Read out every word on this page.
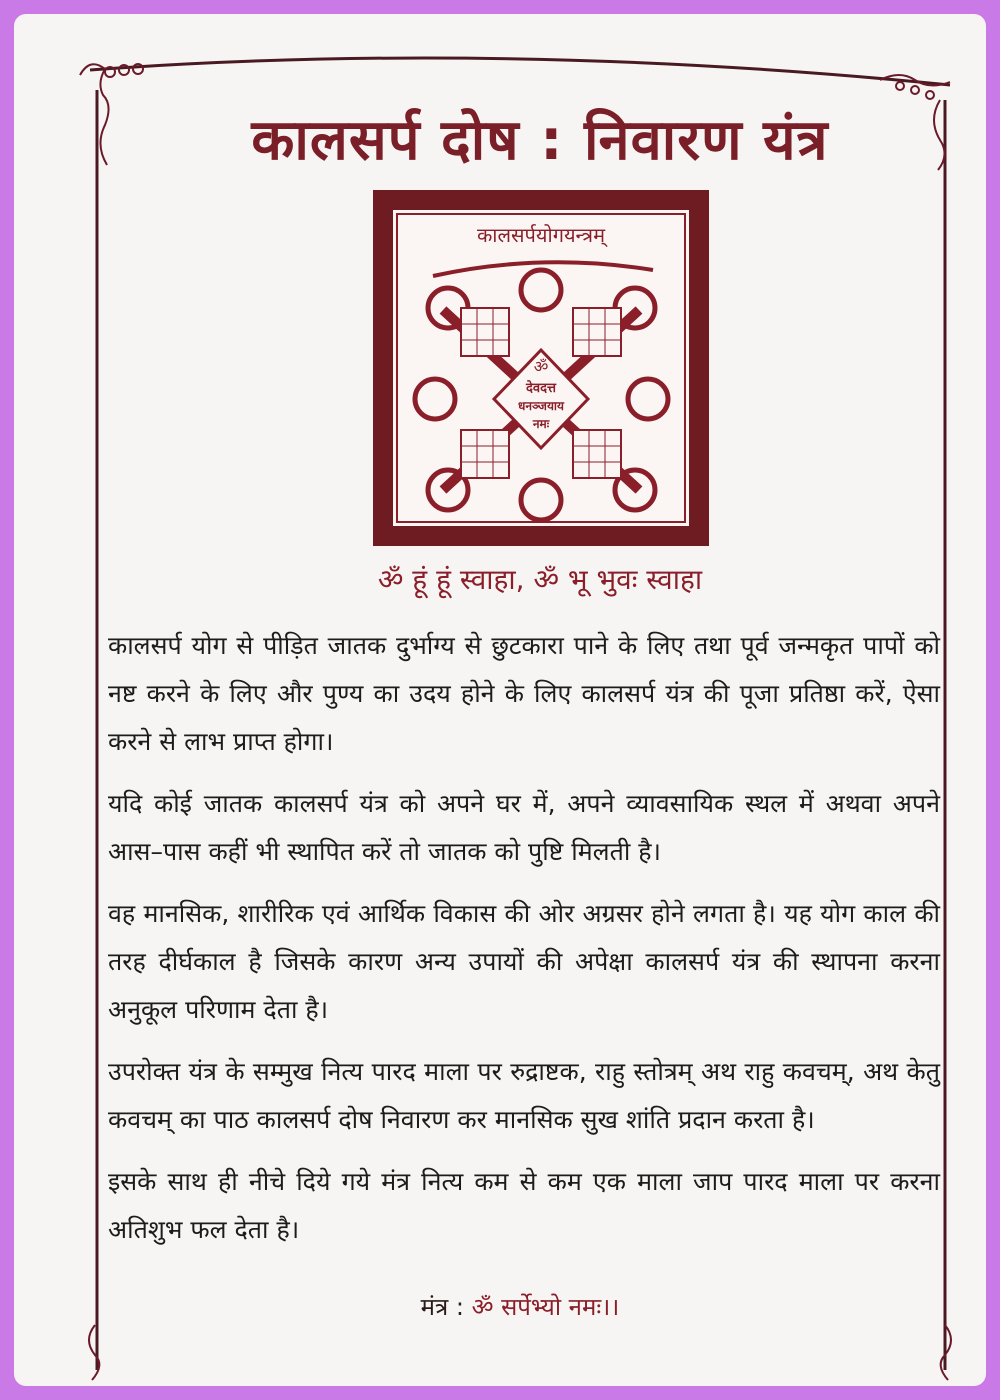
कालसर्प दोष : निवारण यंत्र
कालसर्पयोगयन्त्रम्
ॐ
देवदत्त
धनञ्जयाय
नमः
ॐ हूं हूं स्वाहा, ॐ भू भुवः स्वाहा

कालसर्प योग से पीड़ित जातक दुर्भाग्य से छुटकारा पाने के लिए तथा पूर्व जन्मकृत पापों को नष्ट करने के लिए और पुण्य का उदय होने के लिए कालसर्प यंत्र की पूजा प्रतिष्ठा करें, ऐसा करने से लाभ प्राप्त होगा।

यदि कोई जातक कालसर्प यंत्र को अपने घर में, अपने व्यावसायिक स्थल में अथवा अपने आस–पास कहीं भी स्थापित करें तो जातक को पुष्टि मिलती है।

वह मानसिक, शारीरिक एवं आर्थिक विकास की ओर अग्रसर होने लगता है। यह योग काल की तरह दीर्घकाल है जिसके कारण अन्य उपायों की अपेक्षा कालसर्प यंत्र की स्थापना करना अनुकूल परिणाम देता है।

उपरोक्त यंत्र के सम्मुख नित्य पारद माला पर रुद्राष्टक, राहु स्तोत्रम् अथ राहु कवचम्, अथ केतु कवचम् का पाठ कालसर्प दोष निवारण कर मानसिक सुख शांति प्रदान करता है।

इसके साथ ही नीचे दिये गये मंत्र नित्य कम से कम एक माला जाप पारद माला पर करना अतिशुभ फल देता है।

मंत्र : ॐ सर्पेभ्यो नमः।।
